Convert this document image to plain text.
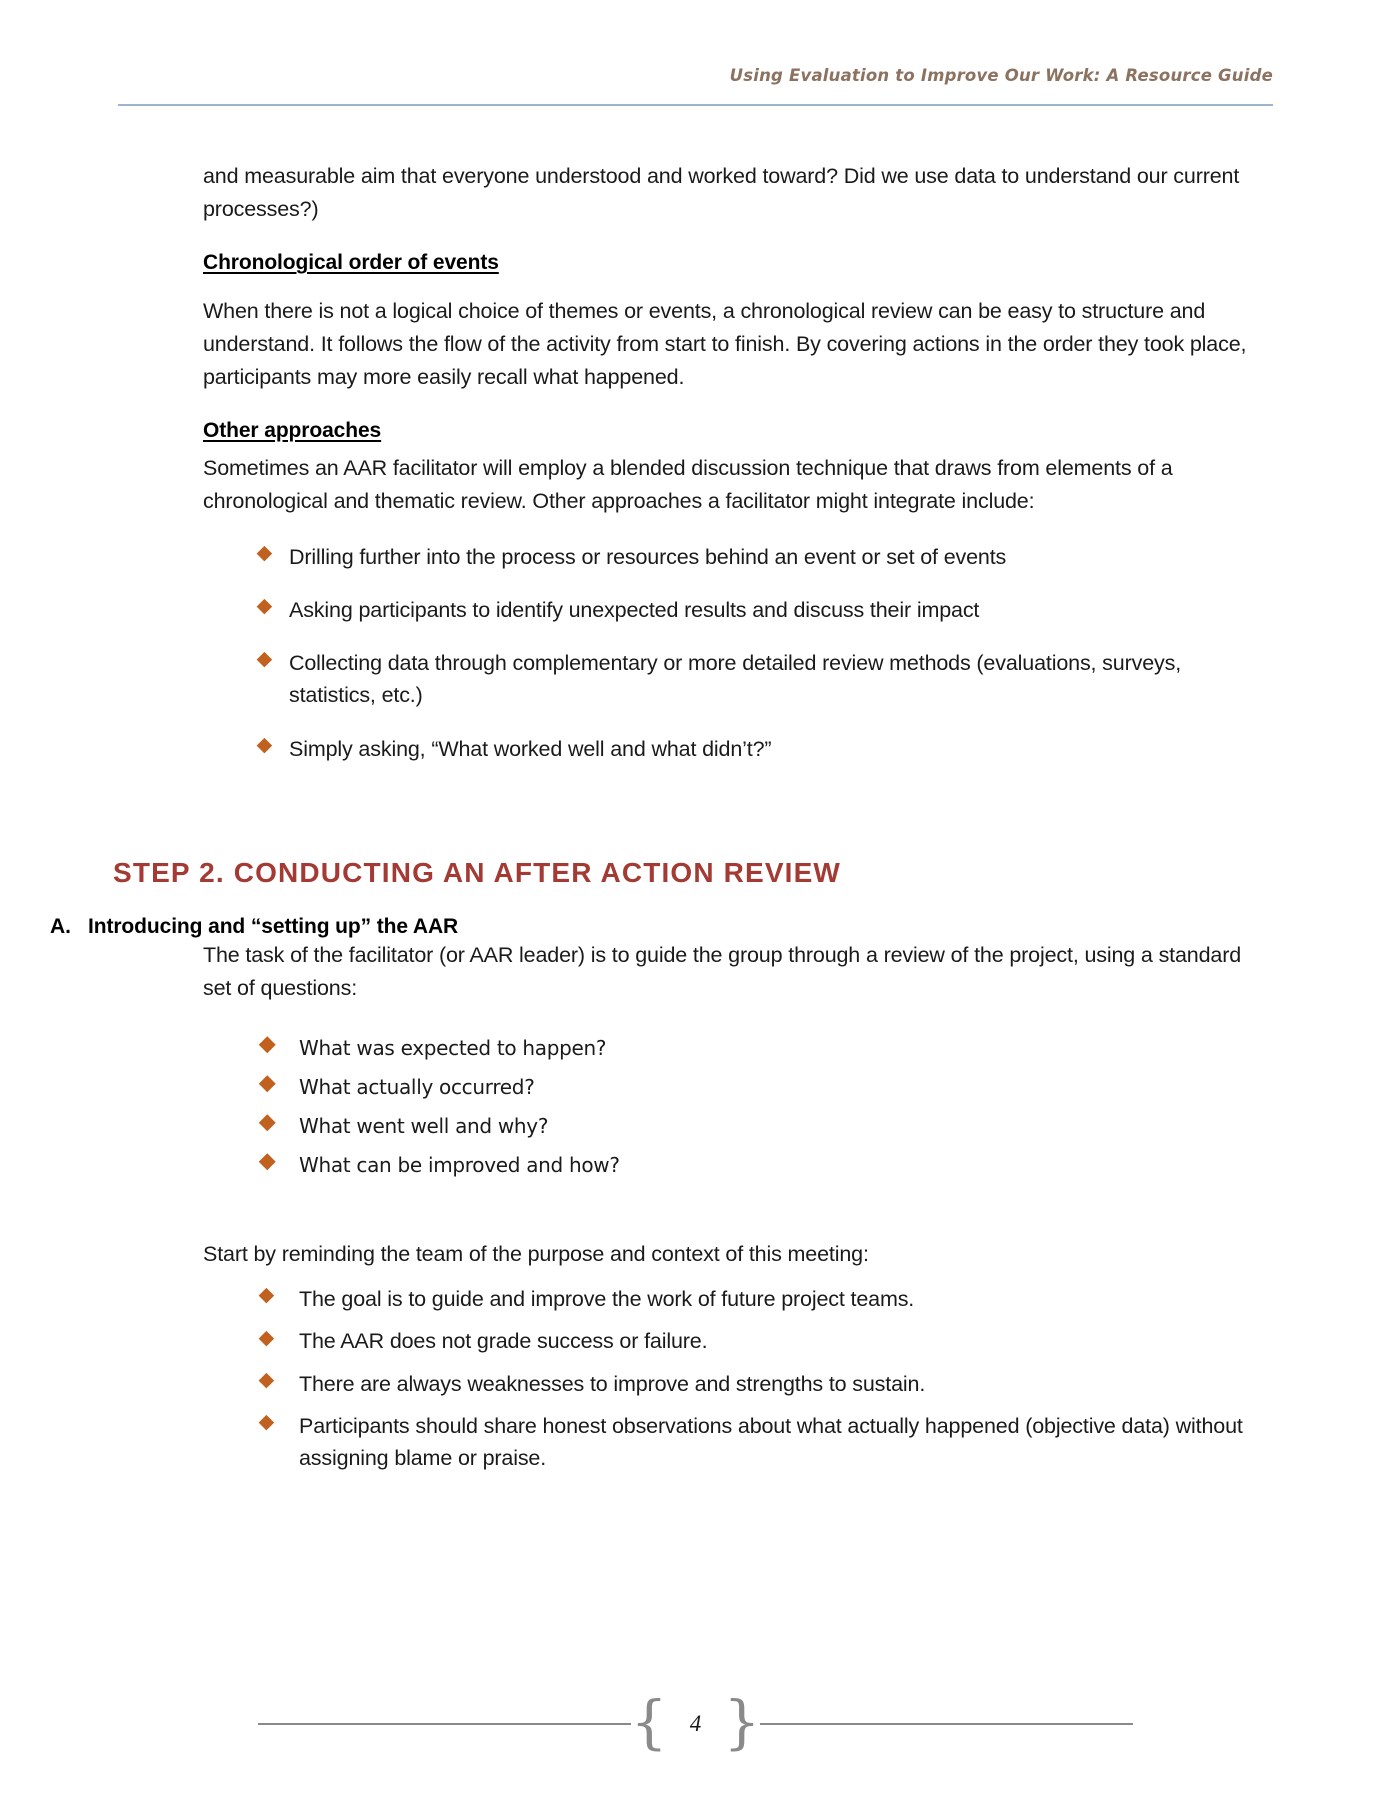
Using Evaluation to Improve Our Work: A Resource Guide

and measurable aim that everyone understood and worked toward? Did we use data to understand our current processes?)

Chronological order of events

When there is not a logical choice of themes or events, a chronological review can be easy to structure and understand. It follows the flow of the activity from start to finish. By covering actions in the order they took place, participants may more easily recall what happened.

Other approaches

Sometimes an AAR facilitator will employ a blended discussion technique that draws from elements of a chronological and thematic review. Other approaches a facilitator might integrate include:

Drilling further into the process or resources behind an event or set of events
Asking participants to identify unexpected results and discuss their impact
Collecting data through complementary or more detailed review methods (evaluations, surveys, statistics, etc.)
Simply asking, “What worked well and what didn’t?”
STEP 2. CONDUCTING AN AFTER ACTION REVIEW
A. Introducing and “setting up” the AAR

The task of the facilitator (or AAR leader) is to guide the group through a review of the project, using a standard set of questions:

What was expected to happen?
What actually occurred?
What went well and why?
What can be improved and how?

Start by reminding the team of the purpose and context of this meeting:

The goal is to guide and improve the work of future project teams.
The AAR does not grade success or failure.
There are always weaknesses to improve and strengths to sustain.
Participants should share honest observations about what actually happened (objective data) without assigning blame or praise.
{ 4 }
